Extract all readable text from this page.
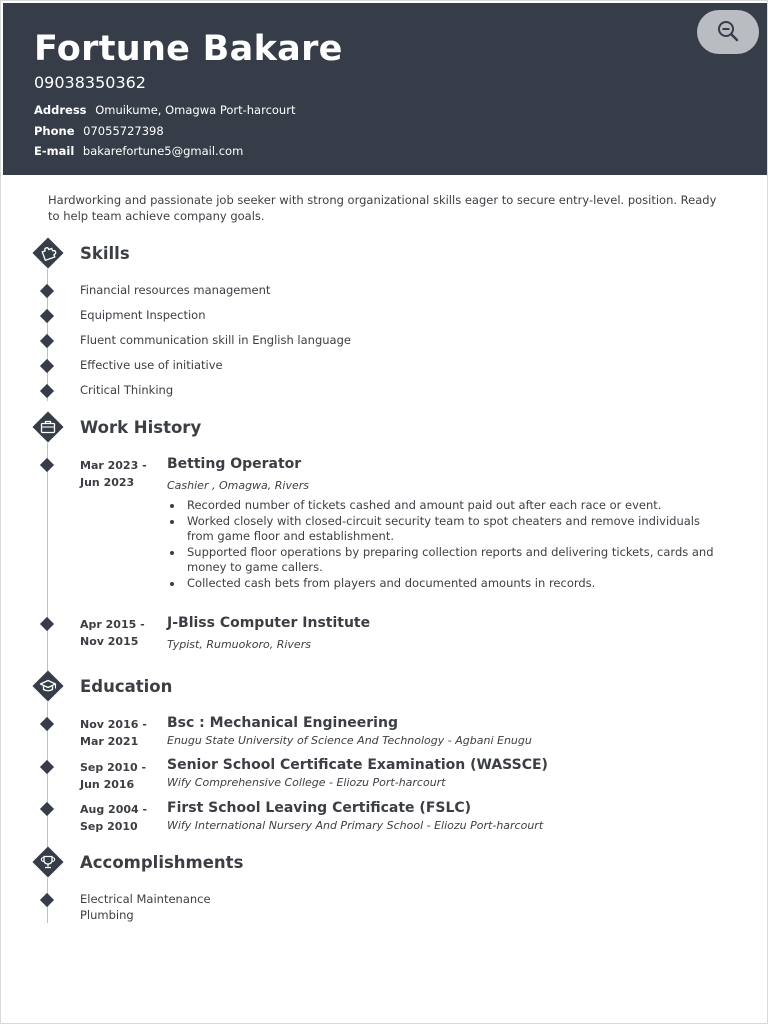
Fortune Bakare
09038350362
Address Omuikume, Omagwa Port-harcourt
Phone 07055727398
E-mail bakarefortune5@gmail.com
Hardworking and passionate job seeker with strong organizational skills eager to secure entry-level. position. Ready to help team achieve company goals.
Skills
Financial resources management
Equipment Inspection
Fluent communication skill in English language
Effective use of initiative
Critical Thinking
Work History
Mar 2023 -
Jun 2023
Betting Operator
Cashier , Omagwa, Rivers
Recorded number of tickets cashed and amount paid out after each race or event.
Worked closely with closed-circuit security team to spot cheaters and remove individuals from game floor and establishment.
Supported floor operations by preparing collection reports and delivering tickets, cards and money to game callers.
Collected cash bets from players and documented amounts in records.
Apr 2015 -
Nov 2015
J-Bliss Computer Institute
Typist, Rumuokoro, Rivers
Education
Nov 2016 -
Mar 2021
Bsc : Mechanical Engineering
Enugu State University of Science And Technology - Agbani Enugu
Sep 2010 -
Jun 2016
Senior School Certificate Examination (WASSCE)
Wify Comprehensive College - Eliozu Port-harcourt
Aug 2004 -
Sep 2010
First School Leaving Certificate (FSLC)
Wify International Nursery And Primary School - Eliozu Port-harcourt
Accomplishments
Electrical Maintenance
Plumbing
